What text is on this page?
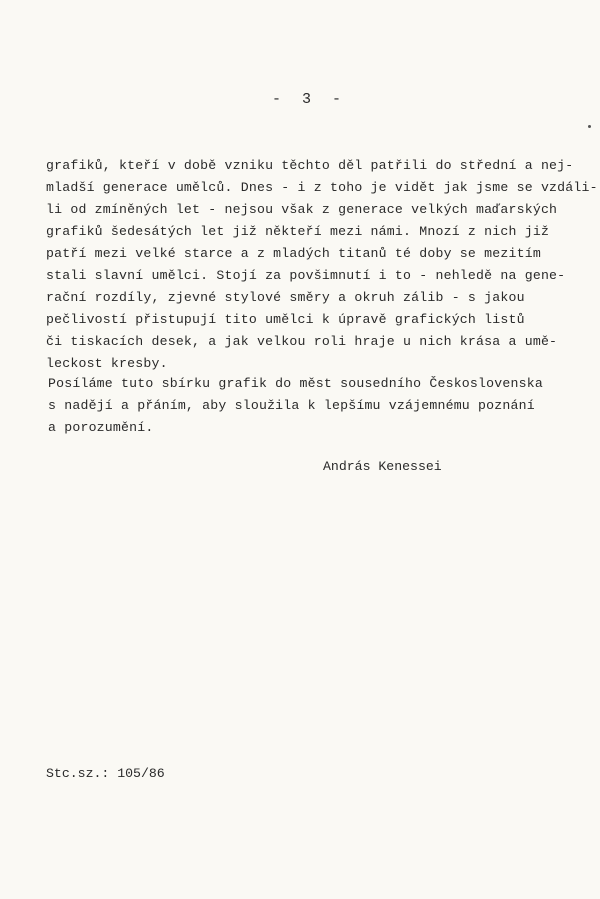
- 3 -
grafiků, kteří v době vzniku těchto děl patřili do střední a nej-
mladší generace umělců. Dnes - i z toho je vidět jak jsme se vzdáli-
li od zmíněných let - nejsou však z generace velkých maďarských
grafiků šedesátých let již někteří mezi námi. Mnozí z nich již
patří mezi velké starce a z mladých titanů té doby se mezitím
stali slavní umělci. Stojí za povšimnutí i to - nehledě na gene-
rační rozdíly, zjevné stylové směry a okruh zálib - s jakou
pečlivostí přistupují tito umělci k úpravě grafických listů
či tiskacích desek, a jak velkou roli hraje u nich krása a umě-
leckost kresby.
Posíláme tuto sbírku grafik do měst sousedního Československa
s nadějí a přáním, aby sloužila k lepšímu vzájemnému poznání
a porozumění.
András Kenessei
Stc.sz.: 105/86
